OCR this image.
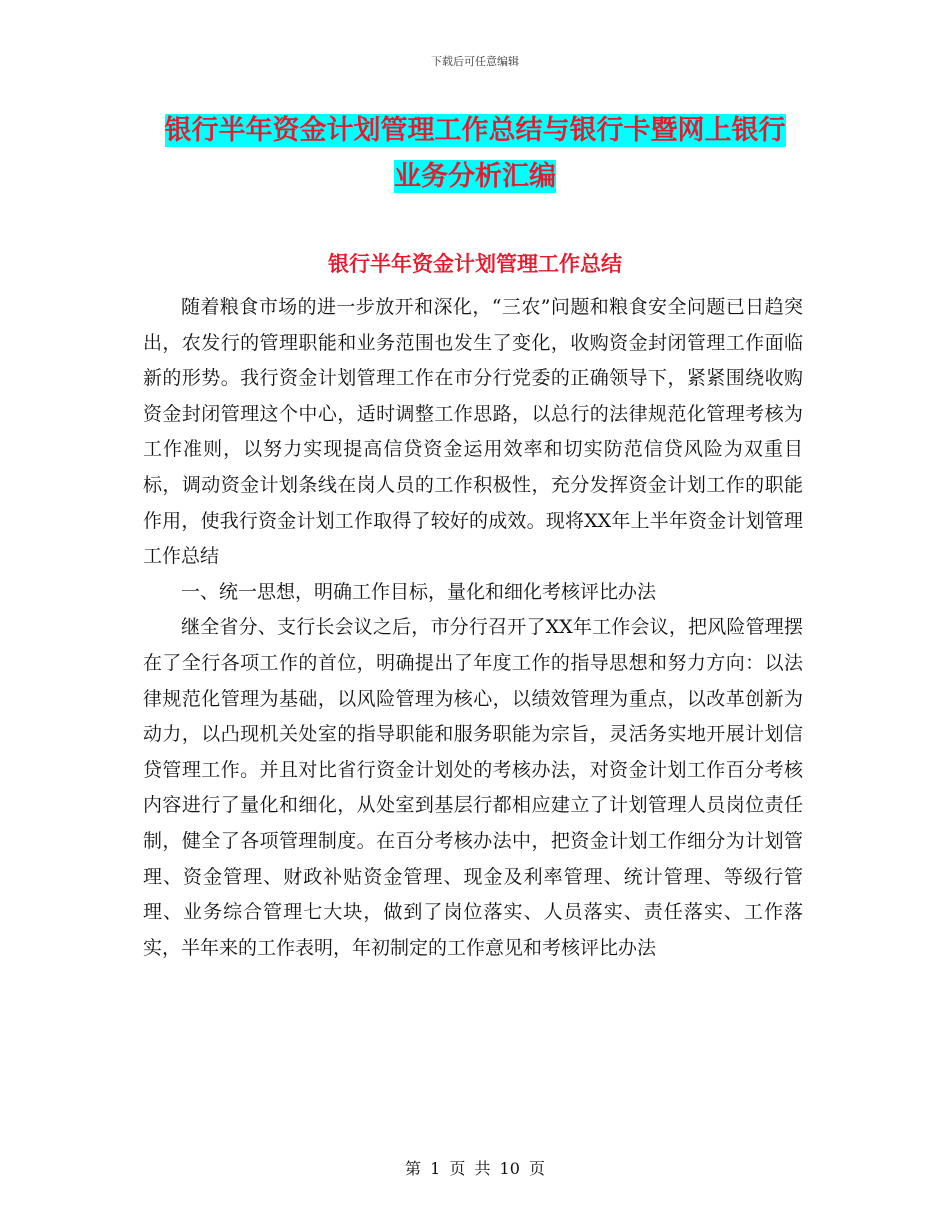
下载后可任意编辑
银行半年资金计划管理工作总结与银行卡暨网上银行
业务分析汇编
银行半年资金计划管理工作总结

随着粮食市场的进一步放开和深化，“三农”问题和粮食安全问题已日趋突出，农发行的管理职能和业务范围也发生了变化，收购资金封闭管理工作面临新的形势。我行资金计划管理工作在市分行党委的正确领导下，紧紧围绕收购资金封闭管理这个中心，适时调整工作思路，以总行的法律规范化管理考核为工作准则，以努力实现提高信贷资金运用效率和切实防范信贷风险为双重目标，调动资金计划条线在岗人员的工作积极性，充分发挥资金计划工作的职能作用，使我行资金计划工作取得了较好的成效。现将XX年上半年资金计划管理工作总结

一、统一思想，明确工作目标，量化和细化考核评比办法

继全省分、支行长会议之后，市分行召开了XX年工作会议，把风险管理摆在了全行各项工作的首位，明确提出了年度工作的指导思想和努力方向：以法律规范化管理为基础，以风险管理为核心，以绩效管理为重点，以改革创新为动力，以凸现机关处室的指导职能和服务职能为宗旨，灵活务实地开展计划信贷管理工作。并且对比省行资金计划处的考核办法，对资金计划工作百分考核内容进行了量化和细化，从处室到基层行都相应建立了计划管理人员岗位责任制，健全了各项管理制度。在百分考核办法中，把资金计划工作细分为计划管理、资金管理、财政补贴资金管理、现金及利率管理、统计管理、等级行管理、业务综合管理七大块，做到了岗位落实、人员落实、责任落实、工作落实，半年来的工作表明，年初制定的工作意见和考核评比办法

第 1 页 共 10 页
